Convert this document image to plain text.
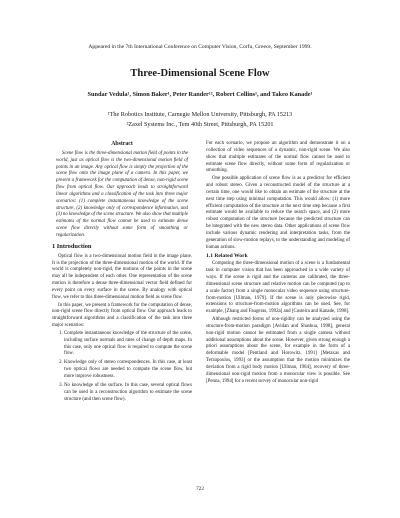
Appeared in the 7th International Conference on Computer Vision, Corfu, Greece, September 1999.
Three-Dimensional Scene Flow
Sundar Vedula¹, Simon Baker¹, Peter Rander¹², Robert Collins¹, and Takeo Kanade¹
¹The Robotics Institute, Carnegie Mellon University, Pittsburgh, PA 15213
²Zaxel Systems Inc., Tem 40th Street, Pittsburgh, PA 15201
Abstract

Scene flow is the three-dimensional motion field of points in the world, just as optical flow is the two-dimensional motion field of points in an image. Any optical flow is simply the projection of the scene flow onto the image plane of a camera. In this paper, we present a framework for the computation of dense, non-rigid scene flow from optical flow. Our approach leads to straightforward linear algorithms and a classification of the task into three major scenarios: (1) complete instantaneous knowledge of the scene structure, (2) knowledge only of correspondence information, and (3) no knowledge of the scene structure. We also show that multiple estimates of the normal flow cannot be used to estimate dense scene flow directly without some form of smoothing or regularization.

1 Introduction

Optical flow is a two-dimensional motion field in the image plane. It is the projection of the three-dimensional motion of the world. If the world is completely non-rigid, the motions of the points in the scene may all be independent of each other. One representation of the scene motion is therefore a dense three-dimensional vector field defined for every point on every surface in the scene. By analogy with optical flow, we refer to this three-dimensional motion field as scene flow.

In this paper, we present a framework for the computation of dense, non-rigid scene flow directly from optical flow. Our approach leads to straightforward algorithms and a classification of the task into three major scenarios:

1. Complete instantaneous knowledge of the structure of the scene, including surface normals and rates of change of depth maps. In this case, only one optical flow is required to compute the scene flow.
2. Knowledge only of stereo correspondences. In this case, at least two optical flows are needed to compute the scene flow, but more improve robustness.
3. No knowledge of the surface. In this case, several optical flows can be used in a reconstruction algorithm to estimate the scene structure (and then scene flow).

For each scenario, we propose an algorithm and demonstrate it on a collection of video sequences of a dynamic, non-rigid scene. We also show that multiple estimates of the normal flow cannot be used to estimate scene flow directly, without some form of regularization or smoothing.

One possible application of scene flow is as a predictor for efficient and robust stereo. Given a reconstructed model of the structure at a certain time, one would like to obtain an estimate of the structure at the next time step using minimal computation. This would allow: (1) more efficient computation of the structure at the next time step because a first estimate would be available to reduce the search space, and (2) more robust computation of the structure because the predicted structure can be integrated with the new stereo data. Other applications of scene flow include various dynamic rendering and interpretation tasks, from the generation of slow-motion replays, to the understanding and modeling of human actions.

1.1 Related Work

Computing the three-dimensional motion of a scene is a fundamental task in computer vision that has been approached in a wide variety of ways. If the scene is rigid and the cameras are calibrated, the three-dimensional scene structure and relative motion can be computed (up to a scale factor) from a single monocular video sequence using structure-from-motion [Ullman, 1979]. If the scene is only piecewise rigid, extensions to structure-from-motion algorithms can be used. See, for example, [Zhang and Faugeras, 1992a] and [Costeira and Kanade, 1998].

Although restricted forms of non-rigidity can be analyzed using the structure-from-motion paradigm [Avidan and Shashua, 1998], general non-rigid motion cannot be estimated from a single camera without additional assumptions about the scene. However, given strong enough a priori assumptions about the scene, for example in the form of a deformable model [Pentland and Horowitz, 1991] [Metaxas and Terzopoulos, 1993] or the assumption that the motion minimizes the deviation from a rigid body motion [Ullman, 1984], recovery of three-dimensional non-rigid motion from a monocular view is possible. See [Penna, 1994] for a recent survey of monocular non-rigid

722
